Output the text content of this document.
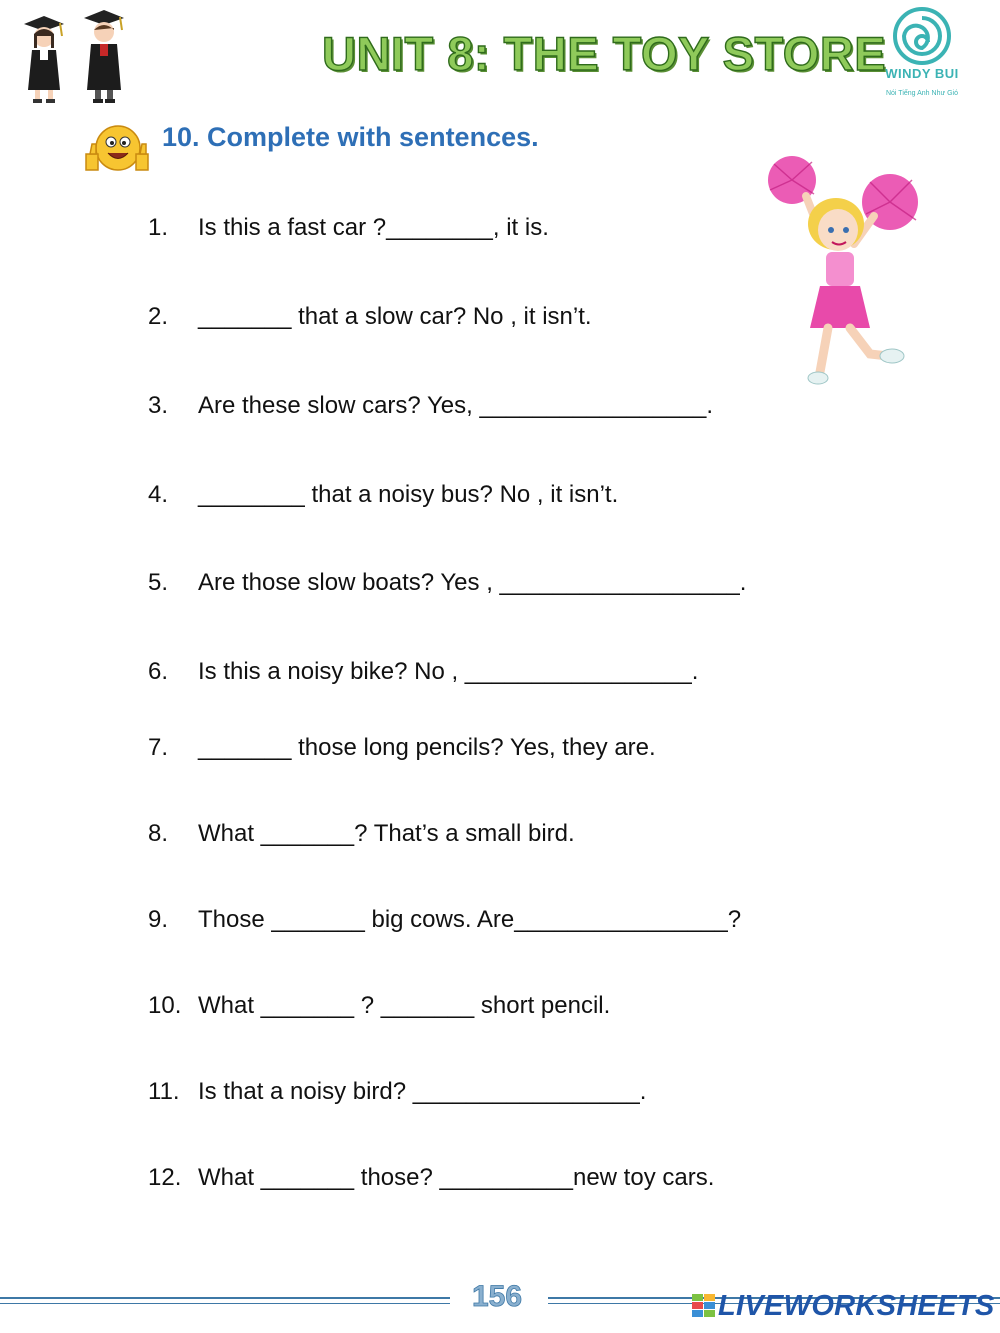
UNIT 8: THE TOY STORE WINDY BUI
Nói Tiếng Anh Như Gió
10. Complete with sentences.
1. Is this a fast car ?________, it is.
2. _______ that a slow car? No , it isn’t.
3. Are these slow cars? Yes, _________________.
4. ________ that a noisy bus? No , it isn’t.
5. Are those slow boats? Yes , __________________.
6. Is this a noisy bike? No , _________________.
7. _______ those long pencils? Yes, they are.
8. What _______? That’s a small bird.
9. Those _______ big cows. Are________________?
10. What _______ ? _______ short pencil.
11. Is that a noisy bird? _________________.
12. What _______ those? __________new toy cars.
156	LIVEWORKSHEETS
